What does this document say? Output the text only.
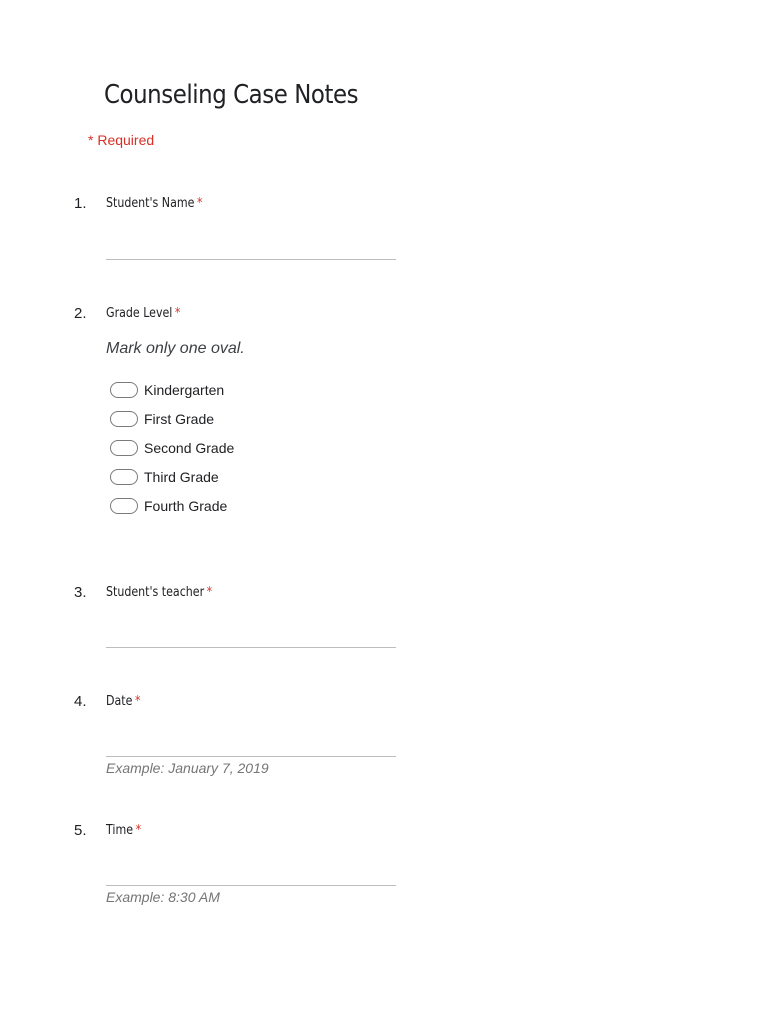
Counseling Case Notes
* Required
1. Student's Name *
2. Grade Level *
Mark only one oval.
Kindergarten
First Grade
Second Grade
Third Grade
Fourth Grade
3. Student's teacher *
4. Date *
Example: January 7, 2019
5. Time *
Example: 8:30 AM
